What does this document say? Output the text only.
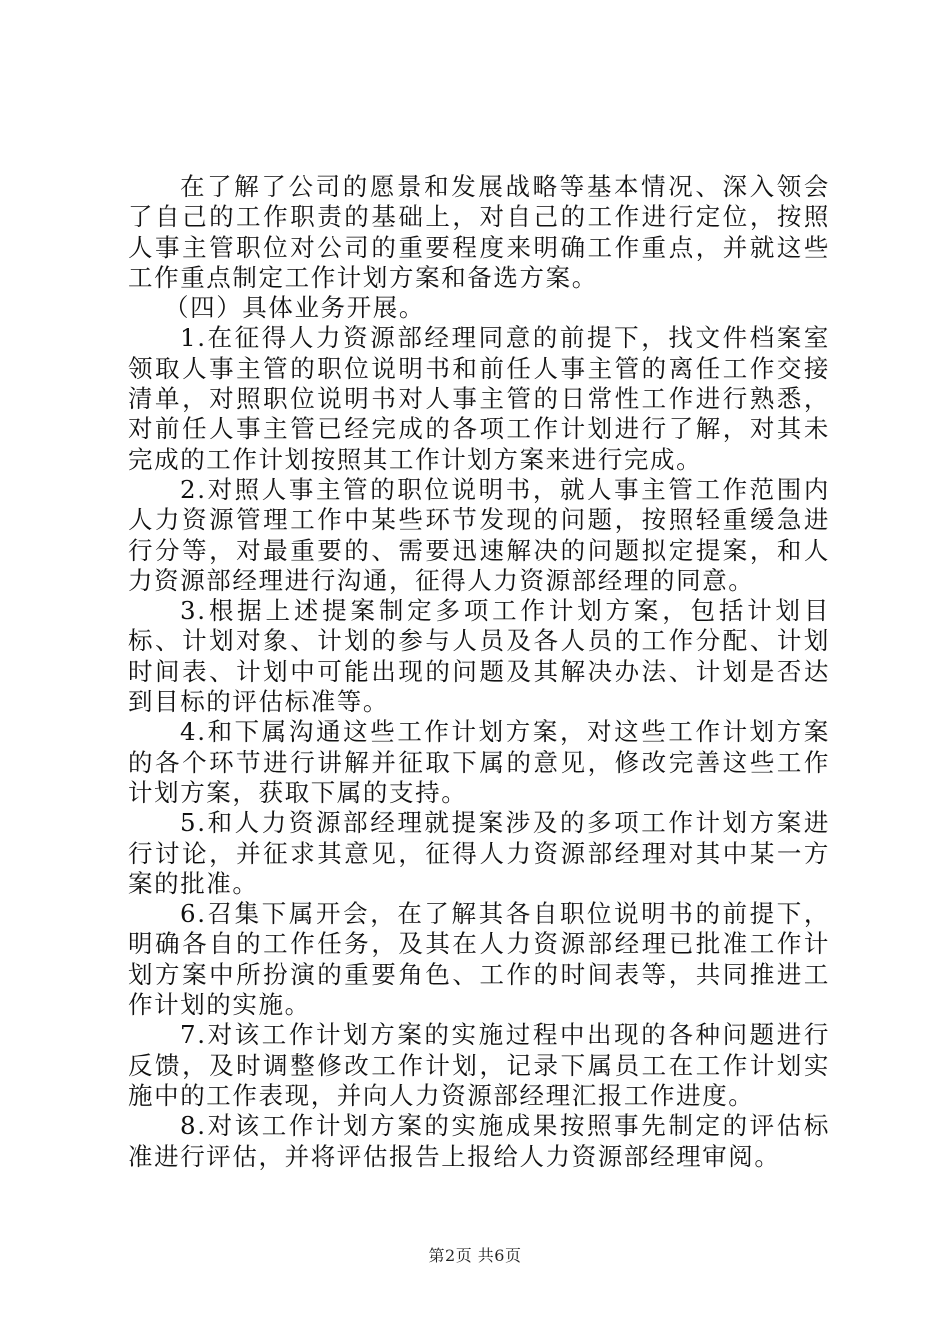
在了解了公司的愿景和发展战略等基本情况、深入领会了自己的工作职责的基础上，对自己的工作进行定位，按照人事主管职位对公司的重要程度来明确工作重点，并就这些工作重点制定工作计划方案和备选方案。

（四）具体业务开展。

1.在征得人力资源部经理同意的前提下，找文件档案室领取人事主管的职位说明书和前任人事主管的离任工作交接清单，对照职位说明书对人事主管的日常性工作进行熟悉，对前任人事主管已经完成的各项工作计划进行了解，对其未完成的工作计划按照其工作计划方案来进行完成。

2.对照人事主管的职位说明书，就人事主管工作范围内人力资源管理工作中某些环节发现的问题，按照轻重缓急进行分等，对最重要的、需要迅速解决的问题拟定提案，和人力资源部经理进行沟通，征得人力资源部经理的同意。

3.根据上述提案制定多项工作计划方案，包括计划目标、计划对象、计划的参与人员及各人员的工作分配、计划时间表、计划中可能出现的问题及其解决办法、计划是否达到目标的评估标准等。

4.和下属沟通这些工作计划方案，对这些工作计划方案的各个环节进行讲解并征取下属的意见，修改完善这些工作计划方案，获取下属的支持。

5.和人力资源部经理就提案涉及的多项工作计划方案进行讨论，并征求其意见，征得人力资源部经理对其中某一方案的批准。

6.召集下属开会，在了解其各自职位说明书的前提下，明确各自的工作任务，及其在人力资源部经理已批准工作计划方案中所扮演的重要角色、工作的时间表等，共同推进工作计划的实施。

7.对该工作计划方案的实施过程中出现的各种问题进行反馈，及时调整修改工作计划，记录下属员工在工作计划实施中的工作表现，并向人力资源部经理汇报工作进度。

8.对该工作计划方案的实施成果按照事先制定的评估标准进行评估，并将评估报告上报给人力资源部经理审阅。

第2页 共6页
